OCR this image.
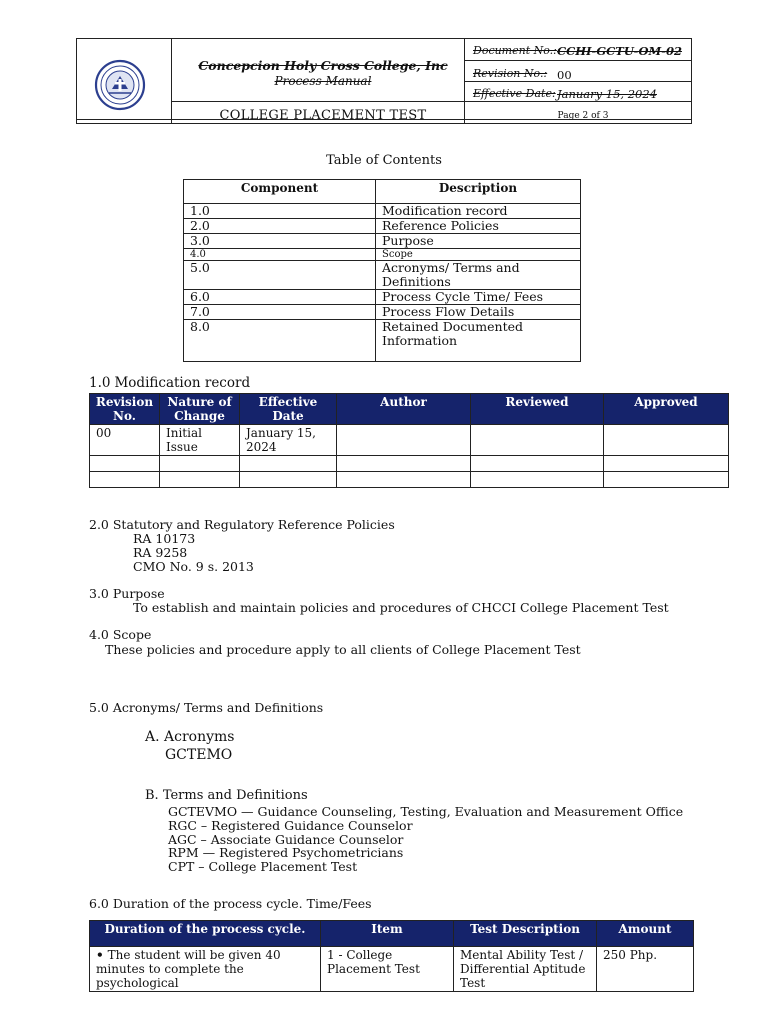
Concepcion Holy Cross College, Inc
Process Manual
COLLEGE PLACEMENT TEST
Document No.: CCHI-GCTU-OM-02
Revision No.: 00
Effective Date: January 15, 2024
Page 2 of 3
Table of Contents
Component	Description
1.0	Modification record
2.0	Reference Policies
3.0	Purpose
4.0	Scope
5.0	Acronyms/ Terms and Definitions
6.0	Process Cycle Time/ Fees
7.0	Process Flow Details
8.0	Retained Documented Information
1.0 Modification record
Revision No.	Nature of Change	Effective Date	Author	Reviewed	Approved
00	Initial Issue	January 15, 2024			

2.0 Statutory and Regulatory Reference Policies
RA 10173
RA 9258
CMO No. 9 s. 2013
3.0 Purpose
To establish and maintain policies and procedures of CHCCI College Placement Test
4.0 Scope
These policies and procedure apply to all clients of College Placement Test
5.0 Acronyms/ Terms and Definitions
A. Acronyms
GCTEMO
B. Terms and Definitions
GCTEVMO — Guidance Counseling, Testing, Evaluation and Measurement Office
RGC – Registered Guidance Counselor
AGC – Associate Guidance Counselor
RPM — Registered Psychometricians
CPT – College Placement Test
6.0 Duration of the process cycle. Time/Fees
Duration of the process cycle.	Item	Test Description	Amount
• The student will be given 40 minutes to complete the psychological	1 - College Placement Test	Mental Ability Test / Differential Aptitude Test	250 Php.
